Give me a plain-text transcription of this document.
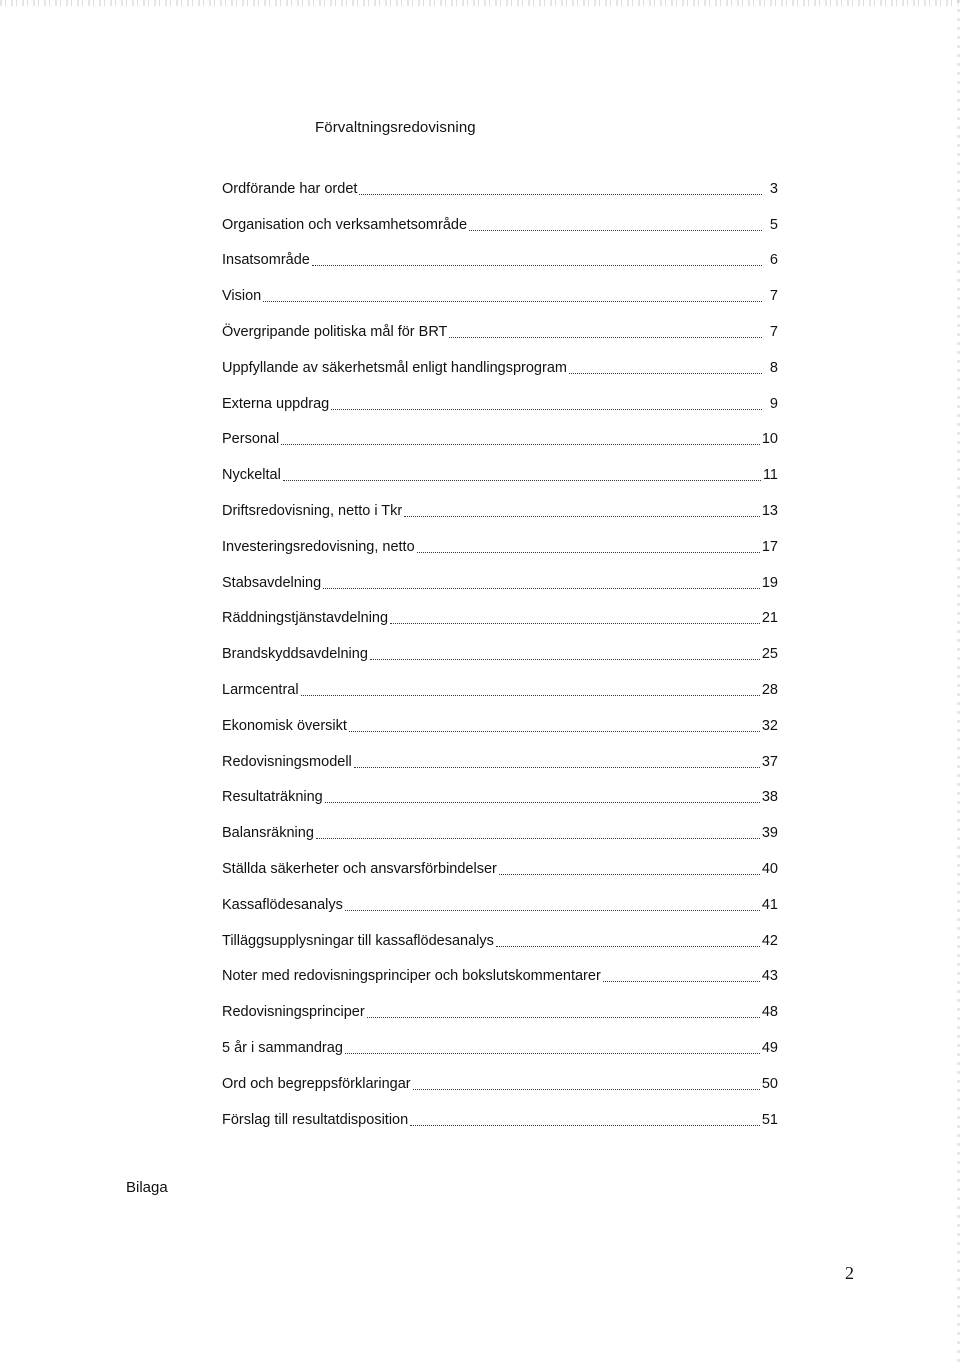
Förvaltningsredovisning
Ordförande har ordet	3
Organisation och verksamhetsområde	5
Insatsområde	6
Vision	7
Övergripande politiska mål för BRT	7
Uppfyllande av säkerhetsmål enligt handlingsprogram	8
Externa uppdrag	9
Personal	10
Nyckeltal	11
Driftsredovisning, netto i Tkr	13
Investeringsredovisning, netto	17
Stabsavdelning	19
Räddningstjänstavdelning	21
Brandskyddsavdelning	25
Larmcentral	28
Ekonomisk översikt	32
Redovisningsmodell	37
Resultaträkning	38
Balansräkning	39
Ställda säkerheter och ansvarsförbindelser	40
Kassaflödesanalys	41
Tilläggsupplysningar till kassaflödesanalys	42
Noter med redovisningsprinciper och bokslutskommentarer	43
Redovisningsprinciper	48
5 år i sammandrag	49
Ord och begreppsförklaringar	50
Förslag till resultatdisposition	51
Bilaga
2
